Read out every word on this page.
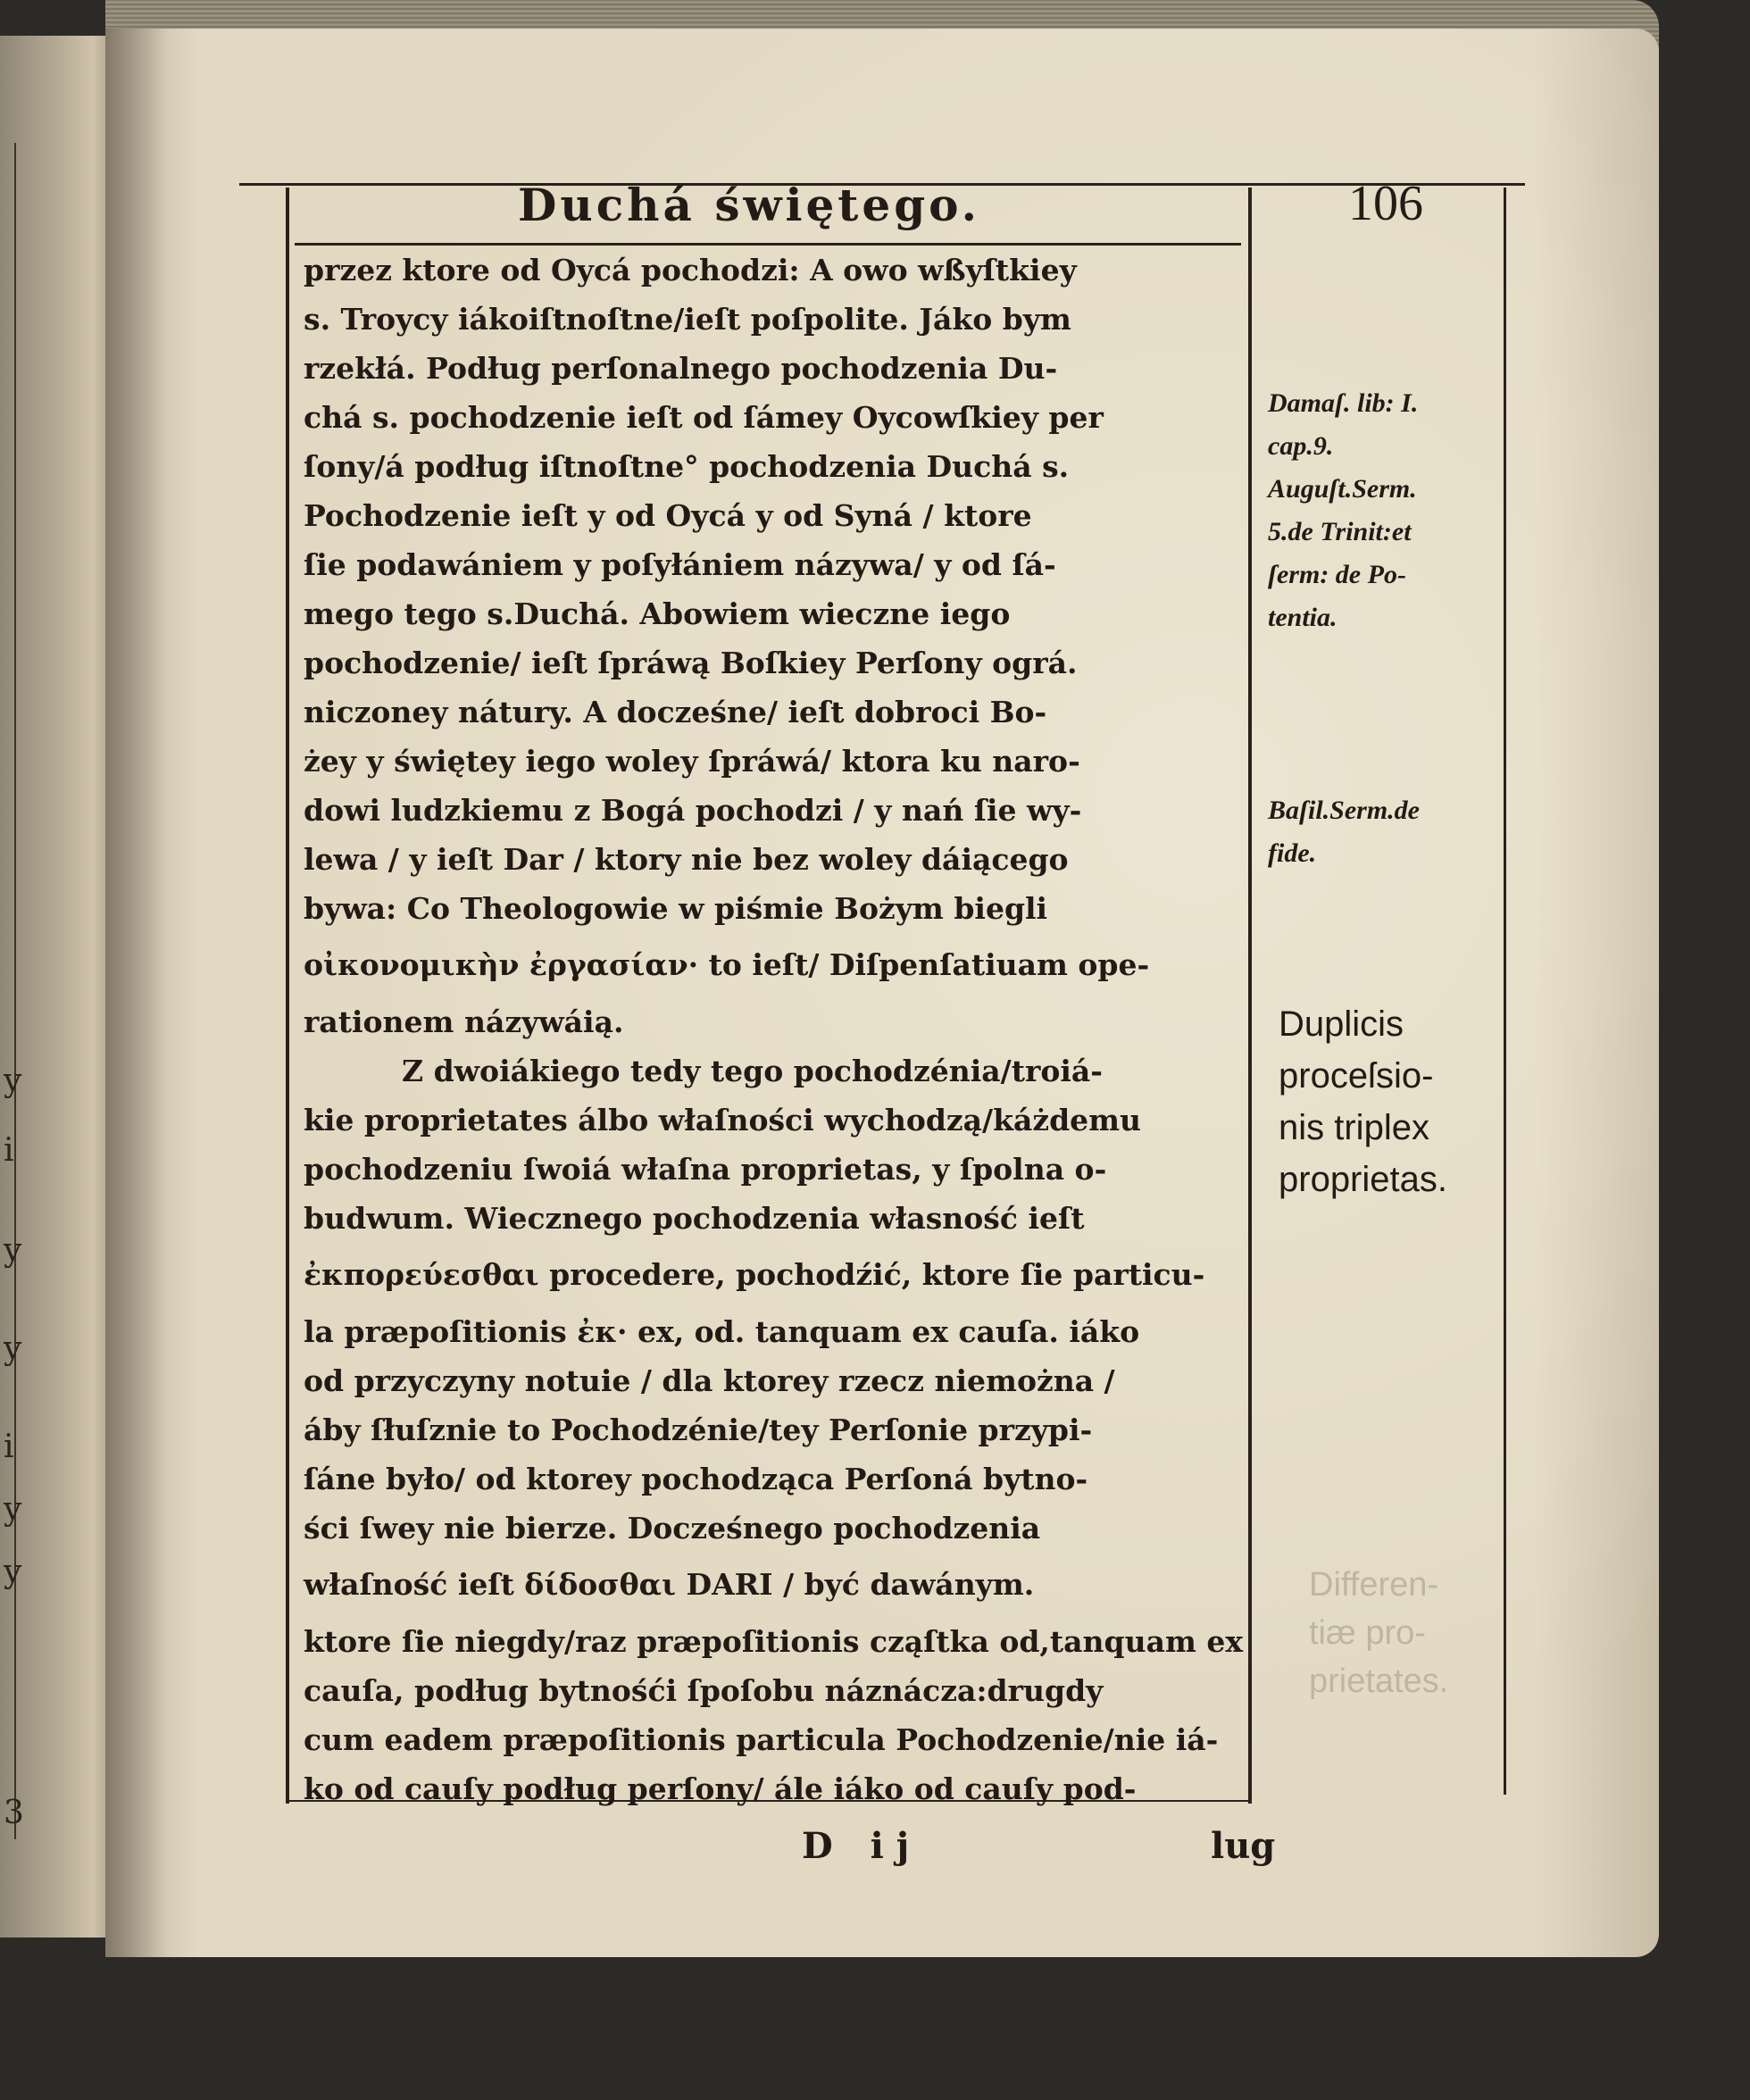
y
i
y
y
i
y
y
3
Duchá świętego.	106
przez ktore od Oycá pochodzi: A owo wßyſtkiey
s. Troycy iákoiſtnoſtne/ieſt poſpolite. Jáko bym
rzekłá. Podług perſonalnego pochodzenia Du-
chá s. pochodzenie ieſt od ſámey Oycowſkiey per
ſony/á podług iſtnoſtne° pochodzenia Duchá s.
Pochodzenie ieſt y od Oycá y od Syná / ktore
ſie podawániem y poſyłániem názywa/ y od ſá-
mego tego s.Duchá. Abowiem wieczne iego
pochodzenie/ ieſt ſpráwą Boſkiey Perſony ográ.
niczoney nátury. A docześne/ ieſt dobroci Bo-
żey y świętey iego woley ſpráwá/ ktora ku naro-
dowi ludzkiemu z Bogá pochodzi / y nań ſie wy-
lewa / y ieſt Dar / ktory nie bez woley dáiącego
bywa: Co Theologowie w piśmie Bożym biegli
οἰκονομικὴν ἐργασίαν· to ieſt/ Diſpenſatiuam ope-
rationem názywáią.
Z dwoiákiego tedy tego pochodzénia/troiá-
kie proprietates álbo właſności wychodzą/káżdemu
pochodzeniu ſwoiá właſna proprietas, y ſpolna o-
budwum. Wiecznego pochodzenia własność ieſt
ἐκπορεύεσθαι procedere, pochodźić, ktore ſie particu-
la præpoſitionis ἐκ· ex, od. tanquam ex cauſa. iáko
od przyczyny notuie / dla ktorey rzecz niemożna /
áby ſłuſznie to Pochodzénie/tey Perſonie przypi-
ſáne było/ od ktorey pochodząca Perſoná bytno-
ści ſwey nie bierze. Docześnego pochodzenia
właſność ieſt δίδοσθαι DARI / być dawánym.
ktore ſie niegdy/raz præpoſitionis cząſtka od,tanquam ex
cauſa, podług bytnośći ſpoſobu náznácza:drugdy
cum eadem præpoſitionis particula Pochodzenie/nie iá-
ko od cauſy podług perſony/ ále iáko od cauſy pod-
Damaſ. lib: I.
cap.9.
Auguſt.Serm.
5.de Trinit:et
ſerm: de Po-
tentia.
Baſil.Serm.de
fide.
Duplicis
proceſsio-
nis triplex
proprietas.
Differen-
tiæ pro-
prietates.
D ij	lug
